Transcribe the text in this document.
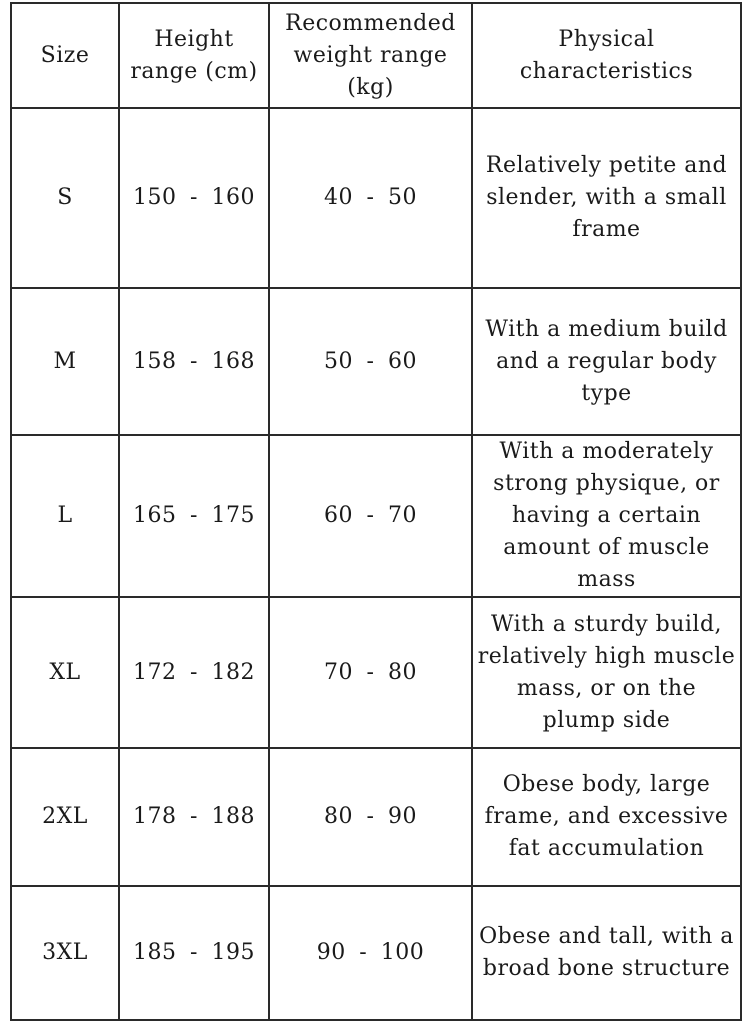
Size	Height range (cm)	Recommended weight range (kg)	Physical characteristics
S	150 - 160	40 - 50	Relatively petite and slender, with a small frame
M	158 - 168	50 - 60	With a medium build and a regular body type
L	165 - 175	60 - 70	With a moderately strong physique, or having a certain amount of muscle mass
XL	172 - 182	70 - 80	With a sturdy build, relatively high muscle mass, or on the plump side
2XL	178 - 188	80 - 90	Obese body, large frame, and excessive fat accumulation
3XL	185 - 195	90 - 100	Obese and tall, with a broad bone structure
